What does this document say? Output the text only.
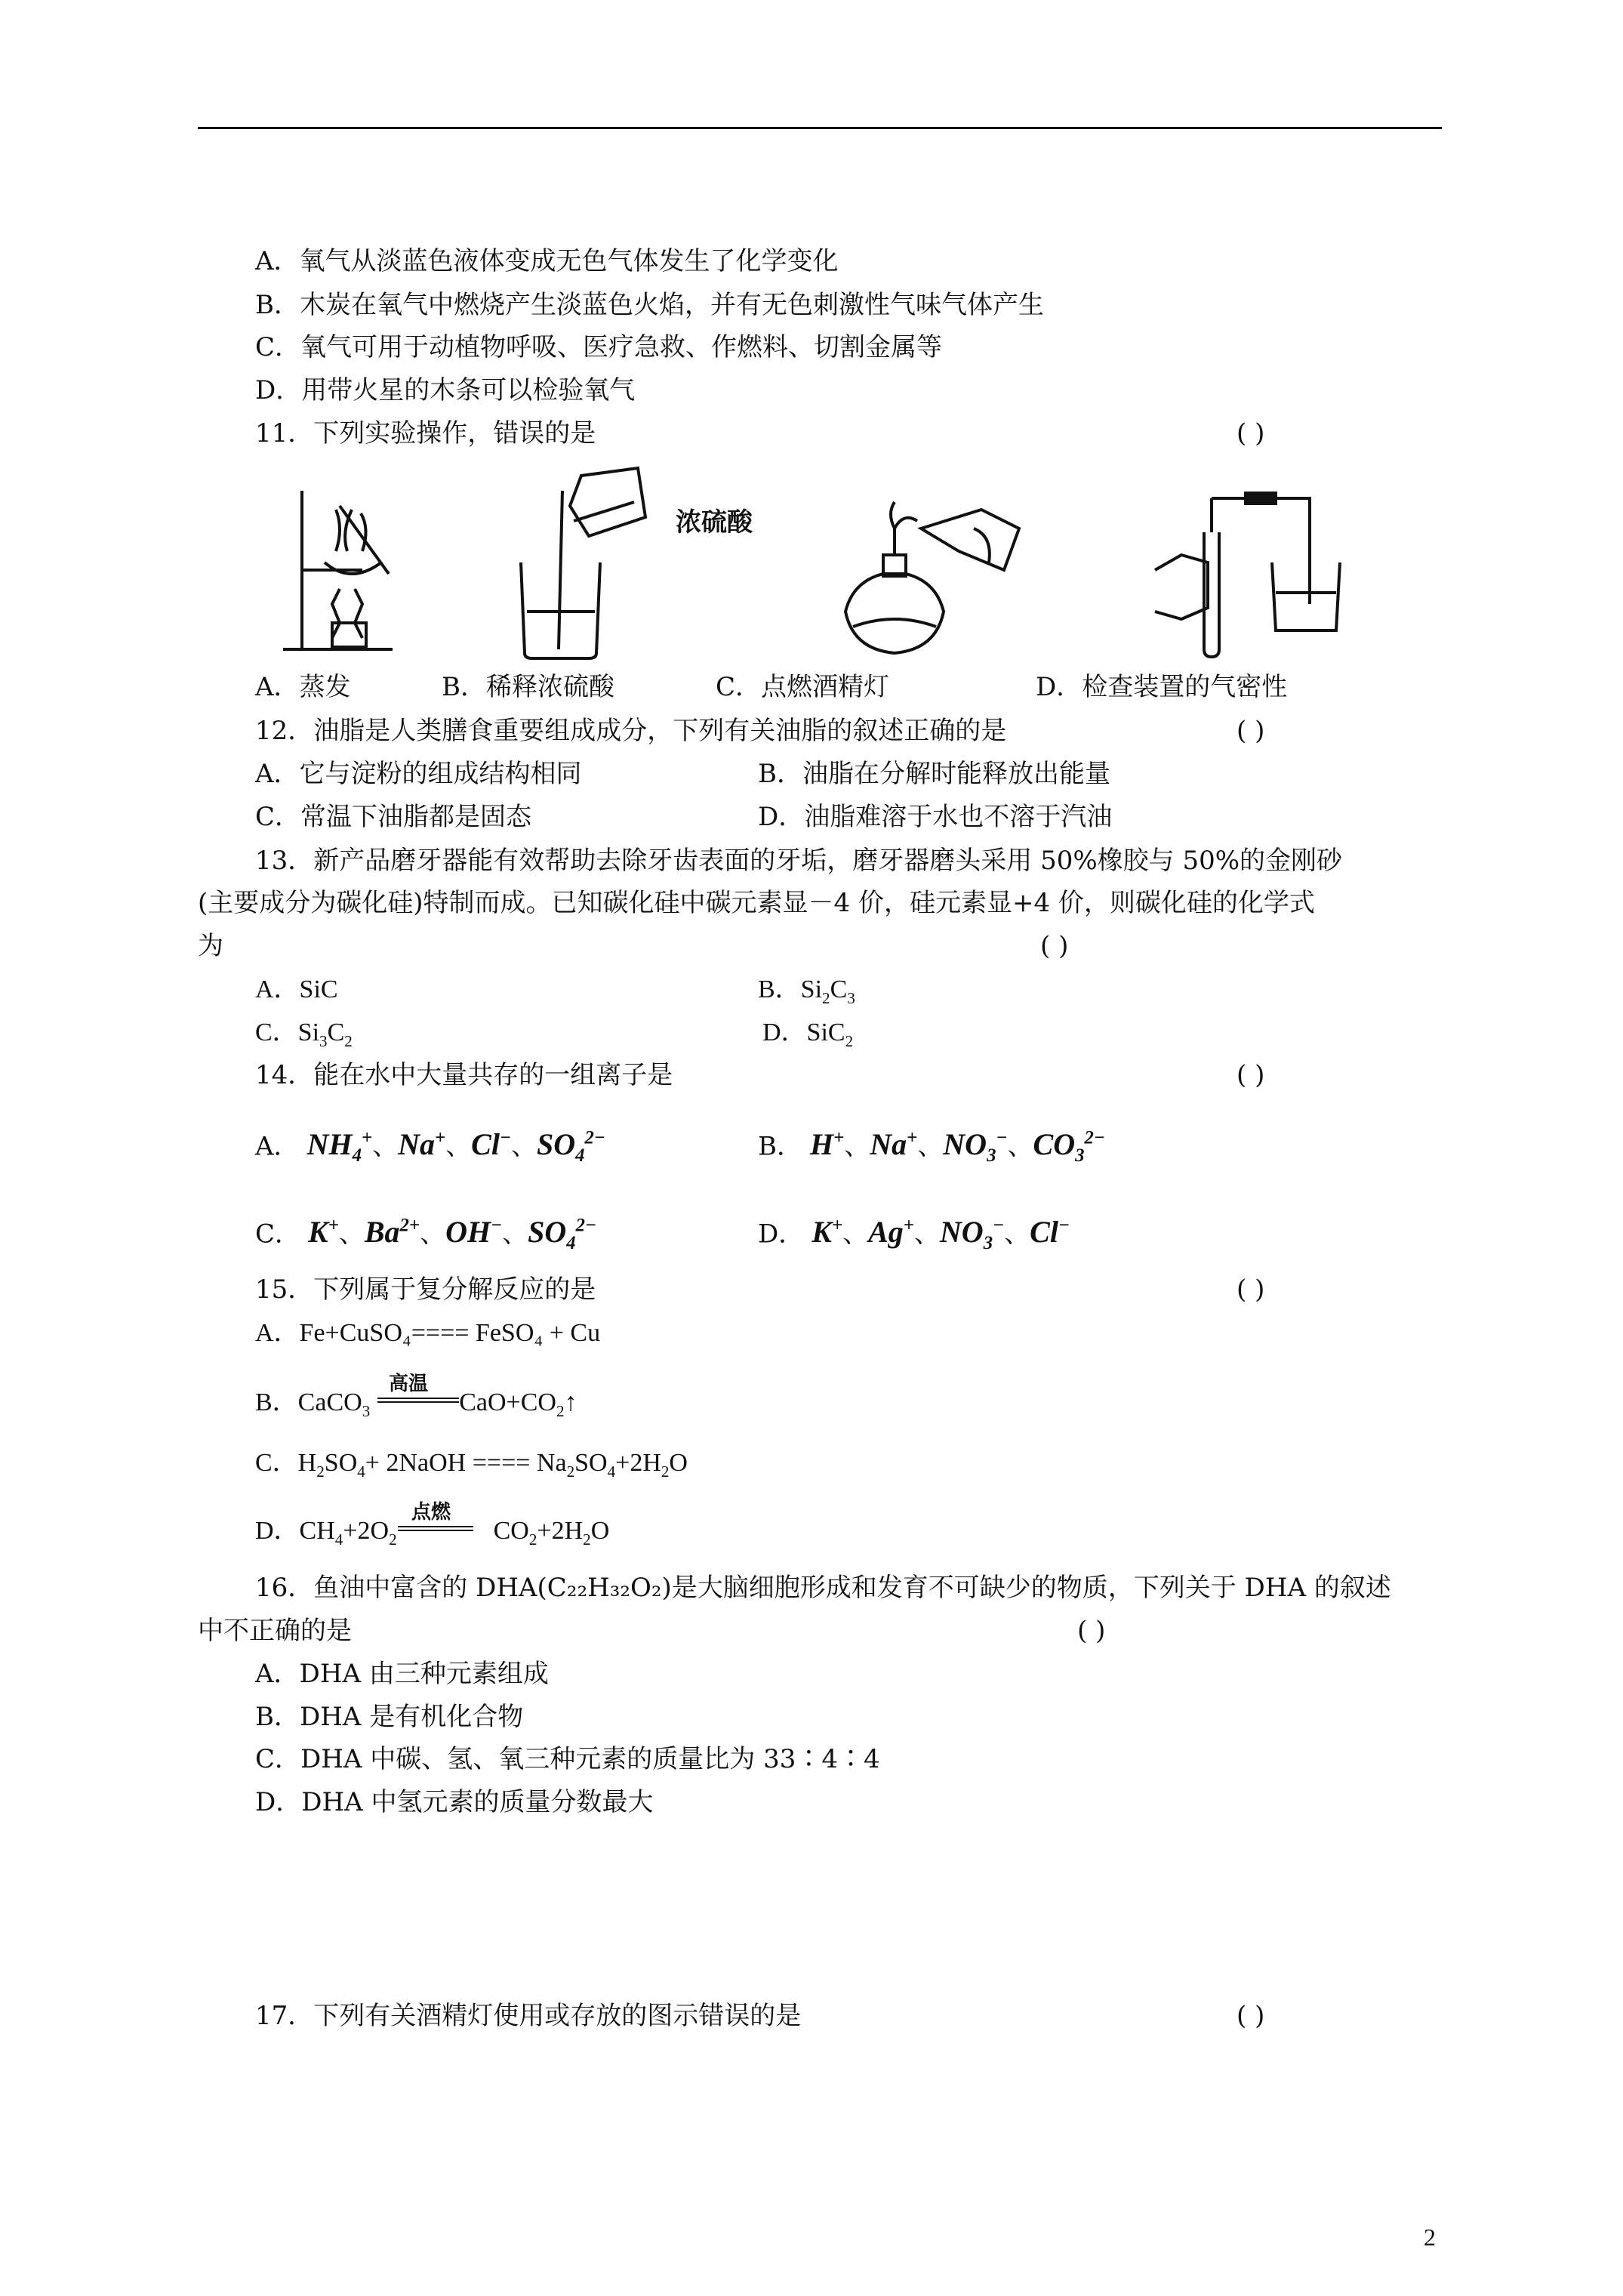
A．氧气从淡蓝色液体变成无色气体发生了化学变化
B．木炭在氧气中燃烧产生淡蓝色火焰，并有无色刺激性气味气体产生
C．氧气可用于动植物呼吸、医疗急救、作燃料、切割金属等
D．用带火星的木条可以检验氧气
11．下列实验操作，错误的是	( )
浓硫酸
A．蒸发	B．稀释浓硫酸	C．点燃酒精灯	D．检查装置的气密性
12．油脂是人类膳食重要组成成分，下列有关油脂的叙述正确的是	( )
A．它与淀粉的组成结构相同	B．油脂在分解时能释放出能量
C．常温下油脂都是固态	D．油脂难溶于水也不溶于汽油
13．新产品磨牙器能有效帮助去除牙齿表面的牙垢，磨牙器磨头采用 50%橡胶与 50%的金刚砂
(主要成分为碳化硅)特制而成。已知碳化硅中碳元素显－4 价，硅元素显+4 价，则碳化硅的化学式
为	( )
A．SiC	B．$Si_2C_3$
C．$Si_3C_2$	D．SiC$_2$
14．能在水中大量共存的一组离子是	( )
A． $NH_4^+$、Na+、Cl−、$SO_4^{2-}$	B． H+、Na+、$NO_3^-$、$CO_3^{2-}$
C． K+、$Ba^{2+}$、OH−、$SO_4^{2-}$	D． K+、Ag+、$NO_3^-$、Cl−
15．下列属于复分解反应的是	( )
A．Fe+CuSO₄==== FeSO₄ + Cu
B．CaCO$_3$	$CaO+CO_2↑$
高温
C．$H_2SO_4+$ 2NaOH ==== $Na_2SO_4+2H_2O$
D．$CH_4+2O_2$	$CO_2+2H_2O$
点燃
16．鱼油中富含的 DHA(C₂₂H₃₂O₂)是大脑细胞形成和发育不可缺少的物质，下列关于 DHA 的叙述
中不正确的是	( )
A．DHA 由三种元素组成
B．DHA 是有机化合物
C．DHA 中碳、氢、氧三种元素的质量比为 33∶4∶4
D．DHA 中氢元素的质量分数最大
17．下列有关酒精灯使用或存放的图示错误的是	( )
2
